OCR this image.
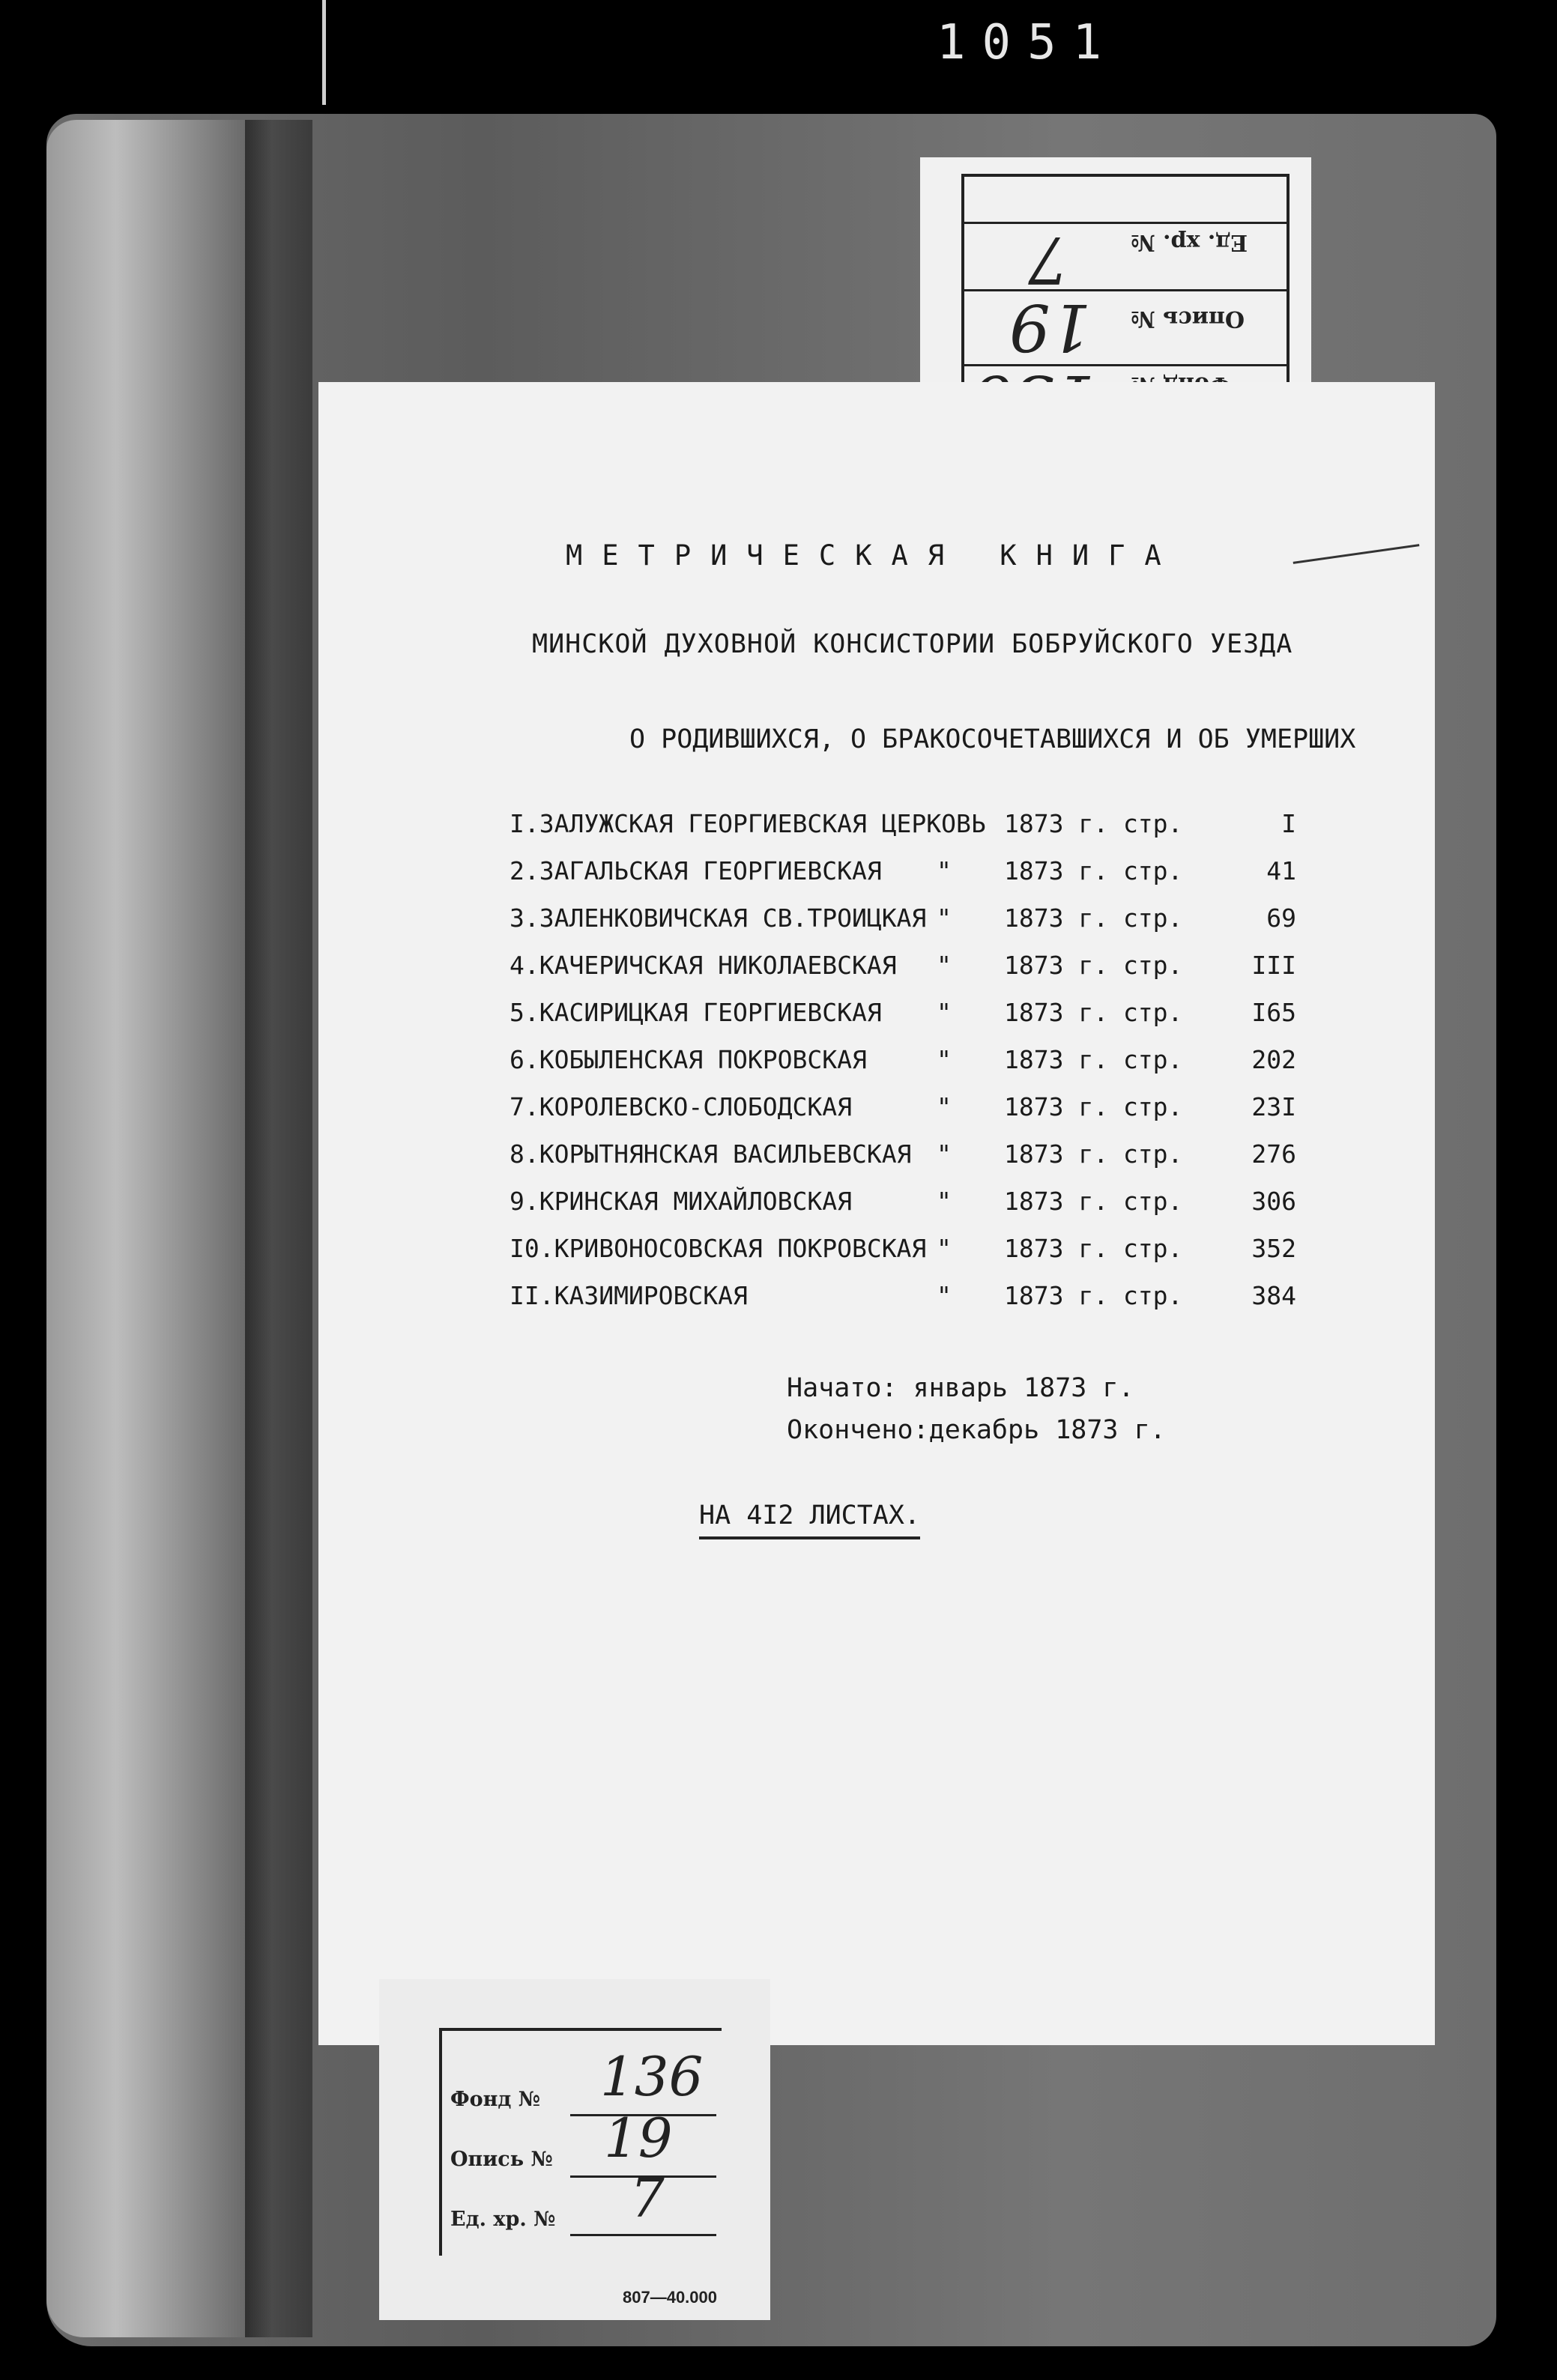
1051
Ед. хр. №
Опись №
7
19
МЕТРИЧЕСКАЯ КНИГА
МИНСКОЙ ДУХОВНОЙ КОНСИСТОРИИ БОБРУЙСКОГО УЕЗДА
О РОДИВШИХСЯ, О БРАКОСОЧЕТАВШИХСЯ И ОБ УМЕРШИХ
I.ЗАЛУЖСКАЯ ГЕОРГИЕВСКАЯ ЦЕРКОВЬ 1873 г. стр.	I
2.ЗАГАЛЬСКАЯ ГЕОРГИЕВСКАЯ " 1873 г. стр.	41
3.ЗАЛЕНКОВИЧСКАЯ СВ.ТРОИЦКАЯ " 1873 г. стр.	69
4.КАЧЕРИЧСКАЯ НИКОЛАЕВСКАЯ " 1873 г. стр.	III
5.КАСИРИЦКАЯ ГЕОРГИЕВСКАЯ " 1873 г. стр.	I65
6.КОБЫЛЕНСКАЯ ПОКРОВСКАЯ	" 1873 г. стр.	202
7.КОРОЛЕВСКО-СЛОБОДСКАЯ	" 1873 г. стр.	23I
8.КОРЫТНЯНСКАЯ ВАСИЛЬЕВСКАЯ " 1873 г. стр.	276
9.КРИНСКАЯ МИХАЙЛОВСКАЯ	" 1873 г. стр.	306
I0.КРИВОНОСОВСКАЯ ПОКРОВСКАЯ " 1873 г. стр.	352
II.КАЗИМИРОВСКАЯ	" 1873 г. стр.	384
Начато: январь 1873 г.
Окончено:декабрь 1873 г.
НА 4I2 ЛИСТАХ.
Фонд № 136
Опись № 19
Ед. хр. № 7
807—40.000
